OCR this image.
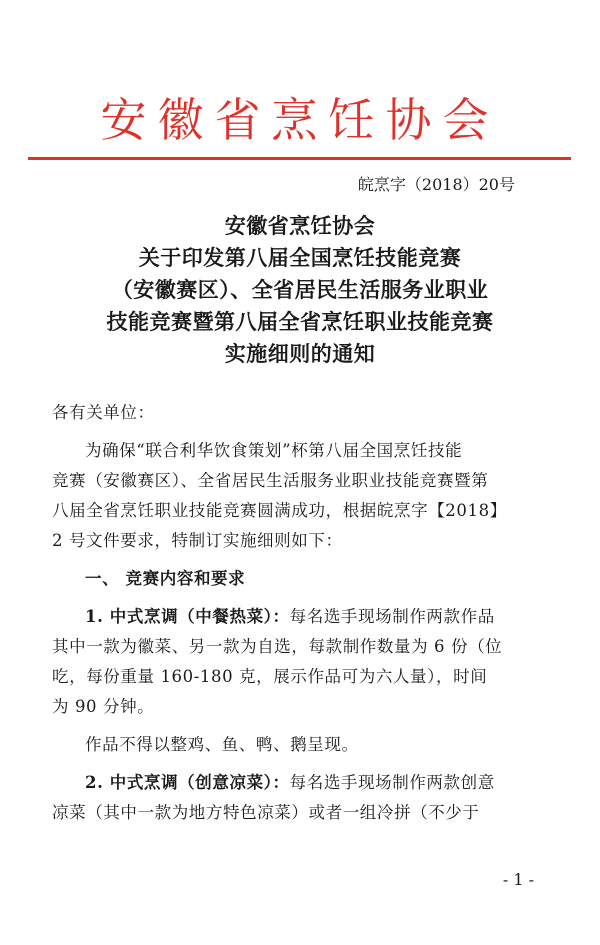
安徽省烹饪协会
皖烹字（2018）20号
安徽省烹饪协会
关于印发第八届全国烹饪技能竞赛
（安徽赛区）、全省居民生活服务业职业
技能竞赛暨第八届全省烹饪职业技能竞赛
实施细则的通知
各有关单位：
为确保“联合利华饮食策划”杯第八届全国烹饪技能
竞赛（安徽赛区）、全省居民生活服务业职业技能竞赛暨第
八届全省烹饪职业技能竞赛圆满成功，根据皖烹字【2018】
2 号文件要求，特制订实施细则如下：
一、 竞赛内容和要求
1. 中式烹调（中餐热菜）：每名选手现场制作两款作品
其中一款为徽菜、另一款为自选，每款制作数量为 6 份（位
吃，每份重量 160-180 克，展示作品可为六人量），时间
为 90 分钟。
作品不得以整鸡、鱼、鸭、鹅呈现。
2. 中式烹调（创意凉菜）：每名选手现场制作两款创意
凉菜（其中一款为地方特色凉菜）或者一组冷拼（不少于
- 1 -
